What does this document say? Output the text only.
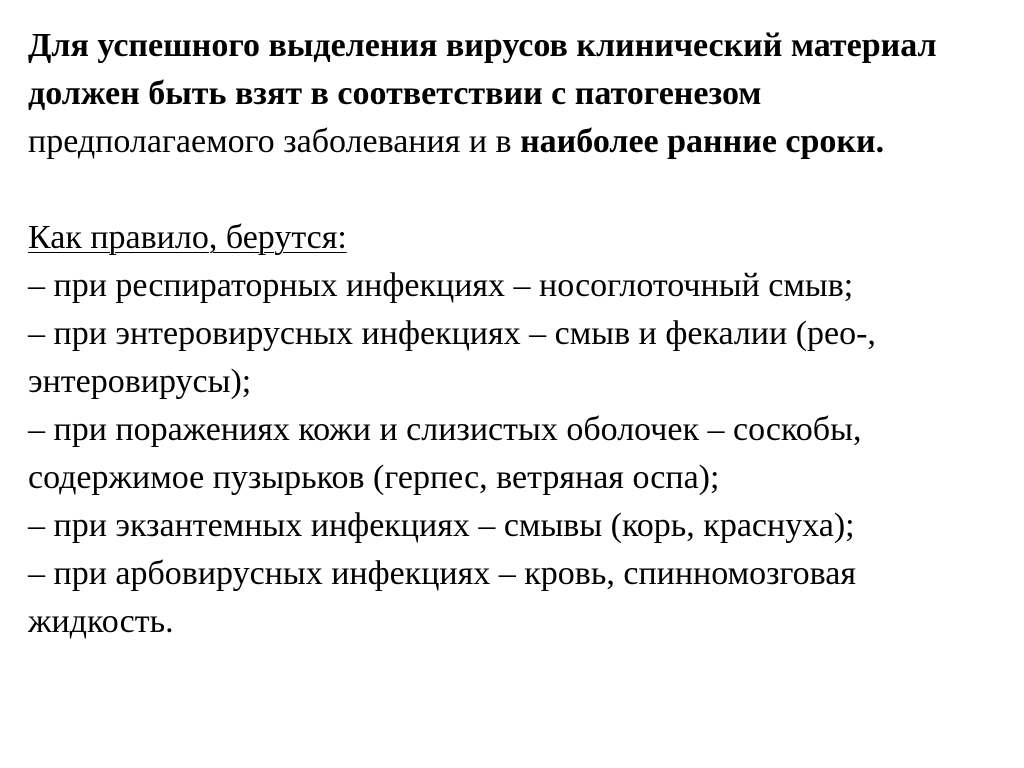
Для успешного выделения вирусов клинический материал должен быть взят в соответствии с патогенезом предполагаемого заболевания и в наиболее ранние сроки.

Как правило, берутся:

– при респираторных инфекциях – носоглоточный смыв;
– при энтеровирусных инфекциях – смыв и фекалии (рео-, энтеровирусы);
– при поражениях кожи и слизистых оболочек – соскобы, содержимое пузырьков (герпес, ветряная оспа);
– при экзантемных инфекциях – смывы (корь, краснуха);
– при арбовирусных инфекциях – кровь, спинномозговая жидкость.
